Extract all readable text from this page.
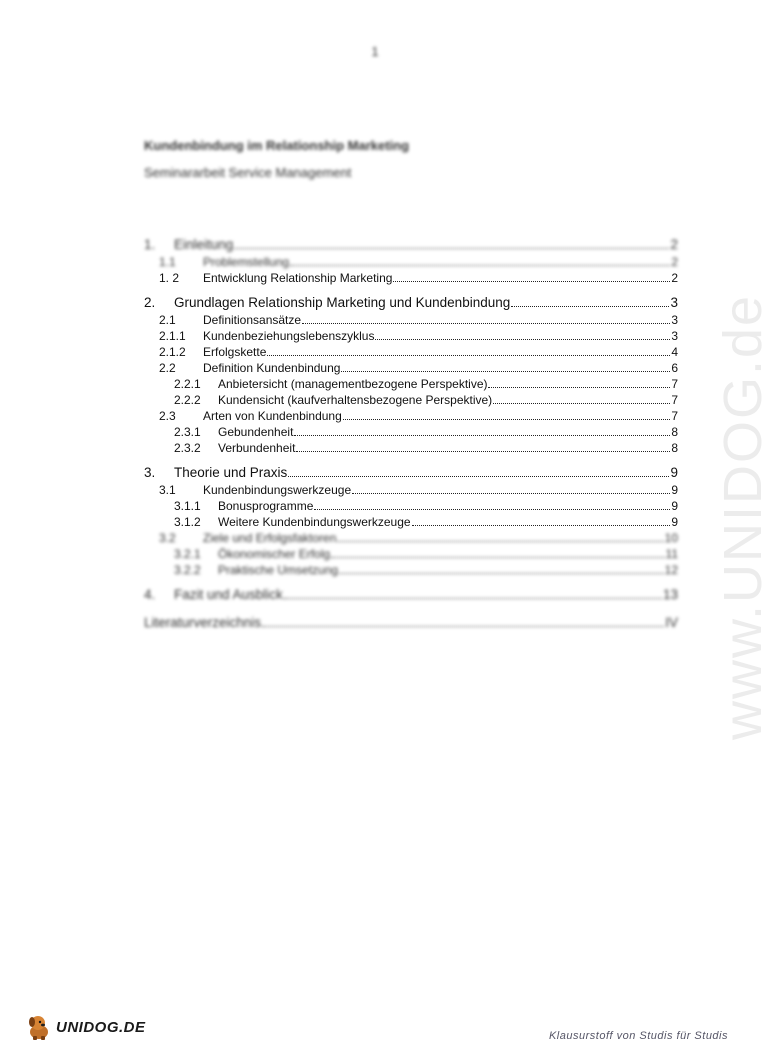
1
Kundenbindung im Relationship Marketing
Seminararbeit Service Management
1.	Einleitung	2
1.1	Problemstellung	2
1. 2	Entwicklung Relationship Marketing	2
2.	Grundlagen Relationship Marketing und Kundenbindung	3
2.1	Definitionsansätze	3
2.1.1	Kundenbeziehungslebenszyklus	3
2.1.2	Erfolgskette	4
2.2	Definition Kundenbindung	6
2.2.1	Anbietersicht (managementbezogene Perspektive)	7
2.2.2	Kundensicht (kaufverhaltensbezogene Perspektive)	7
2.3	Arten von Kundenbindung	7
2.3.1	Gebundenheit	8
2.3.2	Verbundenheit	8
3.	Theorie und Praxis	9
3.1	Kundenbindungswerkzeuge	9
3.1.1	Bonusprogramme	9
3.1.2	Weitere Kundenbindungswerkzeuge	9
3.2	Ziele und Erfolgsfaktoren	10
3.2.1	Ökonomischer Erfolg	11
3.2.2	Praktische Umsetzung	12
4.	Fazit und Ausblick	13
Literaturverzeichnis	IV www.UNIDOG.de
UNIDOG.DE
Klausurstoff von Studis für Studis
